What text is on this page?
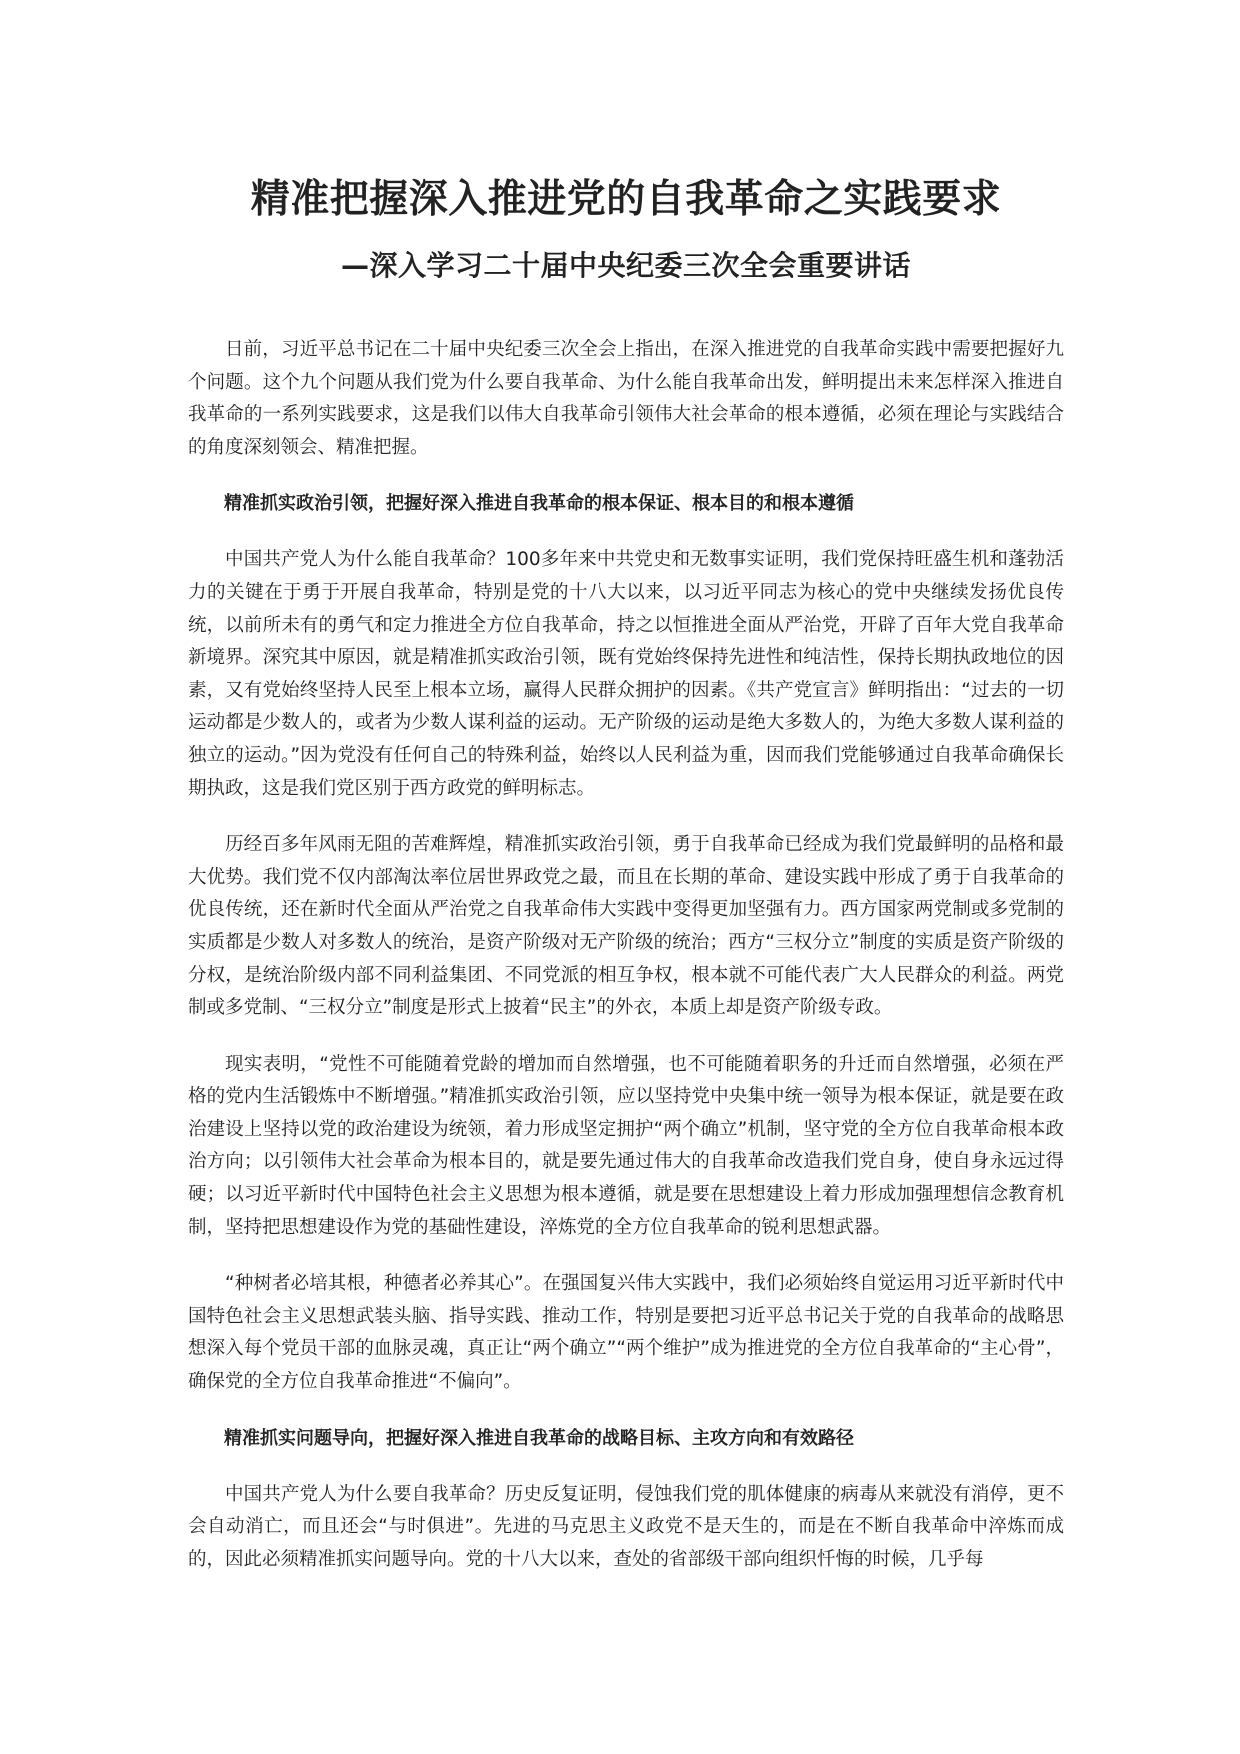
精准把握深入推进党的自我革命之实践要求
—深入学习二十届中央纪委三次全会重要讲话

日前，习近平总书记在二十届中央纪委三次全会上指出，在深入推进党的自我革命实践中需要把握好九个问题。这个九个问题从我们党为什么要自我革命、为什么能自我革命出发，鲜明提出未来怎样深入推进自我革命的一系列实践要求，这是我们以伟大自我革命引领伟大社会革命的根本遵循，必须在理论与实践结合的角度深刻领会、精准把握。

精准抓实政治引领，把握好深入推进自我革命的根本保证、根本目的和根本遵循

中国共产党人为什么能自我革命？100多年来中共党史和无数事实证明，我们党保持旺盛生机和蓬勃活力的关键在于勇于开展自我革命，特别是党的十八大以来，以习近平同志为核心的党中央继续发扬优良传统，以前所未有的勇气和定力推进全方位自我革命，持之以恒推进全面从严治党，开辟了百年大党自我革命新境界。深究其中原因，就是精准抓实政治引领，既有党始终保持先进性和纯洁性，保持长期执政地位的因素，又有党始终坚持人民至上根本立场，赢得人民群众拥护的因素。《共产党宣言》鲜明指出：“过去的一切运动都是少数人的，或者为少数人谋利益的运动。无产阶级的运动是绝大多数人的，为绝大多数人谋利益的独立的运动。”因为党没有任何自己的特殊利益，始终以人民利益为重，因而我们党能够通过自我革命确保长期执政，这是我们党区别于西方政党的鲜明标志。

历经百多年风雨无阻的苦难辉煌，精准抓实政治引领，勇于自我革命已经成为我们党最鲜明的品格和最大优势。我们党不仅内部淘汰率位居世界政党之最，而且在长期的革命、建设实践中形成了勇于自我革命的优良传统，还在新时代全面从严治党之自我革命伟大实践中变得更加坚强有力。西方国家两党制或多党制的实质都是少数人对多数人的统治，是资产阶级对无产阶级的统治；西方“三权分立”制度的实质是资产阶级的分权，是统治阶级内部不同利益集团、不同党派的相互争权，根本就不可能代表广大人民群众的利益。两党制或多党制、“三权分立”制度是形式上披着“民主”的外衣，本质上却是资产阶级专政。

现实表明，“党性不可能随着党龄的增加而自然增强，也不可能随着职务的升迁而自然增强，必须在严格的党内生活锻炼中不断增强。”精准抓实政治引领，应以坚持党中央集中统一领导为根本保证，就是要在政治建设上坚持以党的政治建设为统领，着力形成坚定拥护“两个确立”机制，坚守党的全方位自我革命根本政治方向；以引领伟大社会革命为根本目的，就是要先通过伟大的自我革命改造我们党自身，使自身永远过得硬；以习近平新时代中国特色社会主义思想为根本遵循，就是要在思想建设上着力形成加强理想信念教育机制，坚持把思想建设作为党的基础性建设，淬炼党的全方位自我革命的锐利思想武器。

“种树者必培其根，种德者必养其心”。在强国复兴伟大实践中，我们必须始终自觉运用习近平新时代中国特色社会主义思想武装头脑、指导实践、推动工作，特别是要把习近平总书记关于党的自我革命的战略思想深入每个党员干部的血脉灵魂，真正让“两个确立”“两个维护”成为推进党的全方位自我革命的“主心骨”，确保党的全方位自我革命推进“不偏向”。

精准抓实问题导向，把握好深入推进自我革命的战略目标、主攻方向和有效路径

中国共产党人为什么要自我革命？历史反复证明，侵蚀我们党的肌体健康的病毒从来就没有消停，更不会自动消亡，而且还会“与时俱进”。先进的马克思主义政党不是天生的，而是在不断自我革命中淬炼而成的，因此必须精准抓实问题导向。党的十八大以来，查处的省部级干部向组织忏悔的时候，几乎每
